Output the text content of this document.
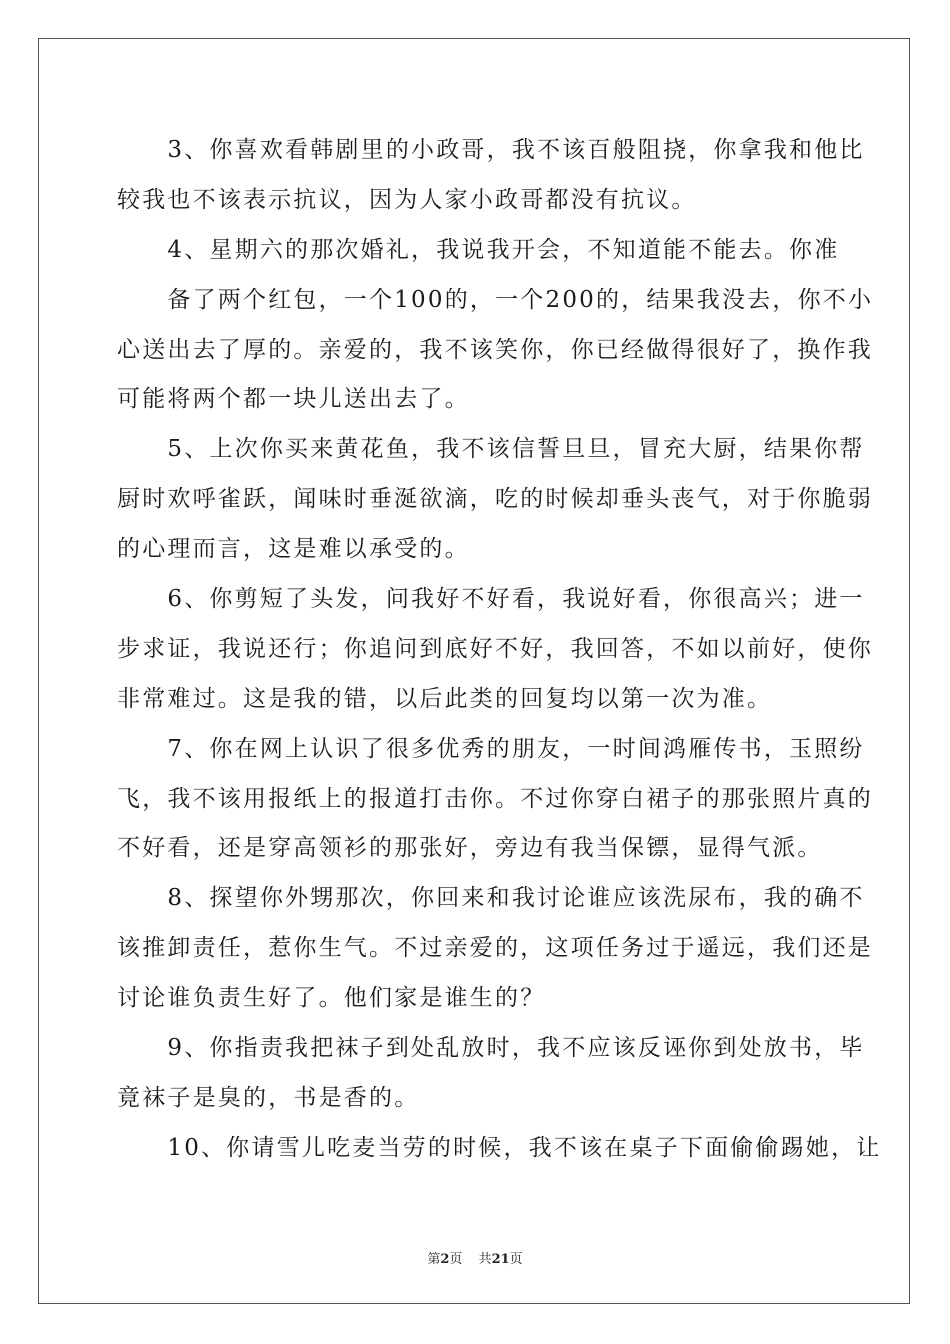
　　3、你喜欢看韩剧里的小政哥，我不该百般阻挠，你拿我和他比
较我也不该表示抗议，因为人家小政哥都没有抗议。
　　4、星期六的那次婚礼，我说我开会，不知道能不能去。你准
　　备了两个红包，一个100的，一个200的，结果我没去，你不小
心送出去了厚的。亲爱的，我不该笑你，你已经做得很好了，换作我
可能将两个都一块儿送出去了。
　　5、上次你买来黄花鱼，我不该信誓旦旦，冒充大厨，结果你帮
厨时欢呼雀跃，闻味时垂涎欲滴，吃的时候却垂头丧气，对于你脆弱
的心理而言，这是难以承受的。
　　6、你剪短了头发，问我好不好看，我说好看，你很高兴；进一
步求证，我说还行；你追问到底好不好，我回答，不如以前好，使你
非常难过。这是我的错，以后此类的回复均以第一次为准。
　　7、你在网上认识了很多优秀的朋友，一时间鸿雁传书，玉照纷
飞，我不该用报纸上的报道打击你。不过你穿白裙子的那张照片真的
不好看，还是穿高领衫的那张好，旁边有我当保镖，显得气派。
　　8、探望你外甥那次，你回来和我讨论谁应该洗尿布，我的确不
该推卸责任，惹你生气。不过亲爱的，这项任务过于遥远，我们还是
讨论谁负责生好了。他们家是谁生的？
　　9、你指责我把袜子到处乱放时，我不应该反诬你到处放书，毕
竟袜子是臭的，书是香的。
　　10、你请雪儿吃麦当劳的时候，我不该在桌子下面偷偷踢她，让
第2页 共21页
